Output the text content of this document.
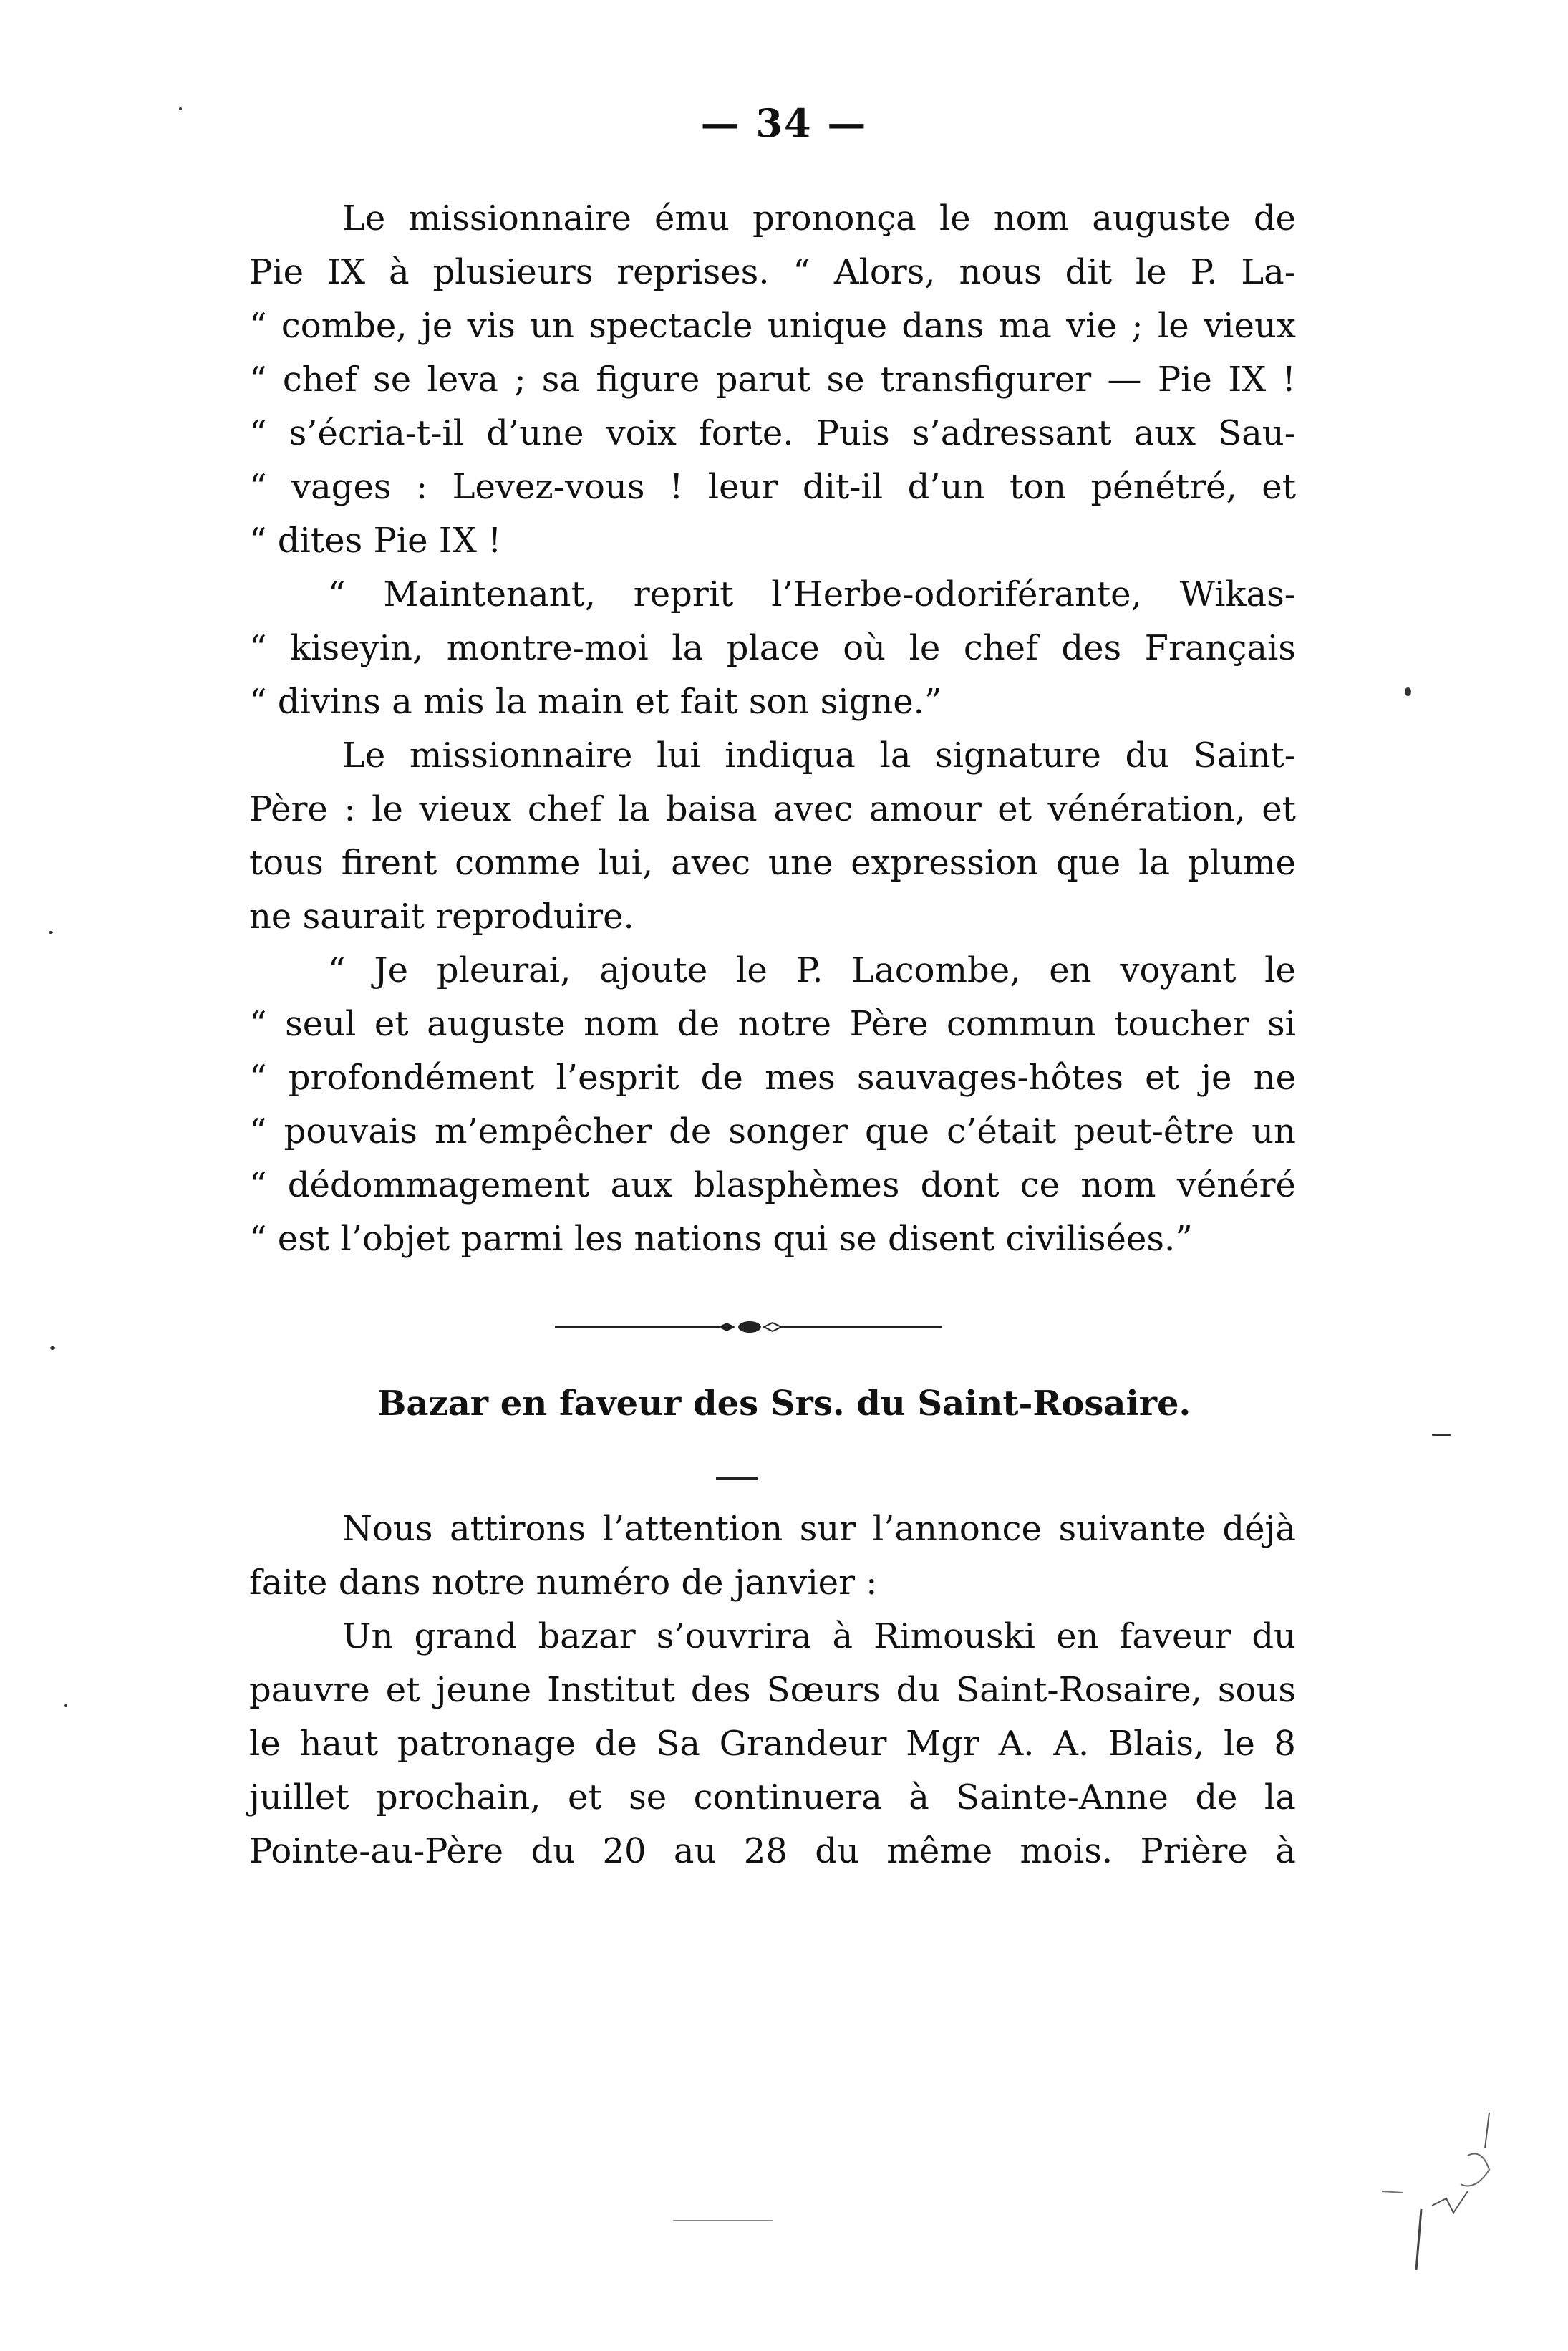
— 34 —
Le missionnaire ému prononça le nom auguste de
Pie IX à plusieurs reprises. “ Alors, nous dit le P. La-
“ combe, je vis un spectacle unique dans ma vie ; le vieux
“ chef se leva ; sa figure parut se transfigurer — Pie IX !
“ s’écria-t-il d’une voix forte. Puis s’adressant aux Sau-
“ vages : Levez-vous ! leur dit-il d’un ton pénétré, et
“ dites Pie IX !
“ Maintenant, reprit l’Herbe-odoriférante, Wikas-
“ kiseyin, montre-moi la place où le chef des Français
“ divins a mis la main et fait son signe.”
Le missionnaire lui indiqua la signature du Saint-
Père : le vieux chef la baisa avec amour et vénération, et
tous firent comme lui, avec une expression que la plume
ne saurait reproduire.
“ Je pleurai, ajoute le P. Lacombe, en voyant le
“ seul et auguste nom de notre Père commun toucher si
“ profondément l’esprit de mes sauvages-hôtes et je ne
“ pouvais m’empêcher de songer que c’était peut-être un
“ dédommagement aux blasphèmes dont ce nom vénéré
“ est l’objet parmi les nations qui se disent civilisées.”
Bazar en faveur des Srs. du Saint-Rosaire.
Nous attirons l’attention sur l’annonce suivante déjà
faite dans notre numéro de janvier :
Un grand bazar s’ouvrira à Rimouski en faveur du
pauvre et jeune Institut des Sœurs du Saint-Rosaire, sous
le haut patronage de Sa Grandeur Mgr A. A. Blais, le 8
juillet prochain, et se continuera à Sainte-Anne de la
Pointe-au-Père du 20 au 28 du même mois. Prière à
